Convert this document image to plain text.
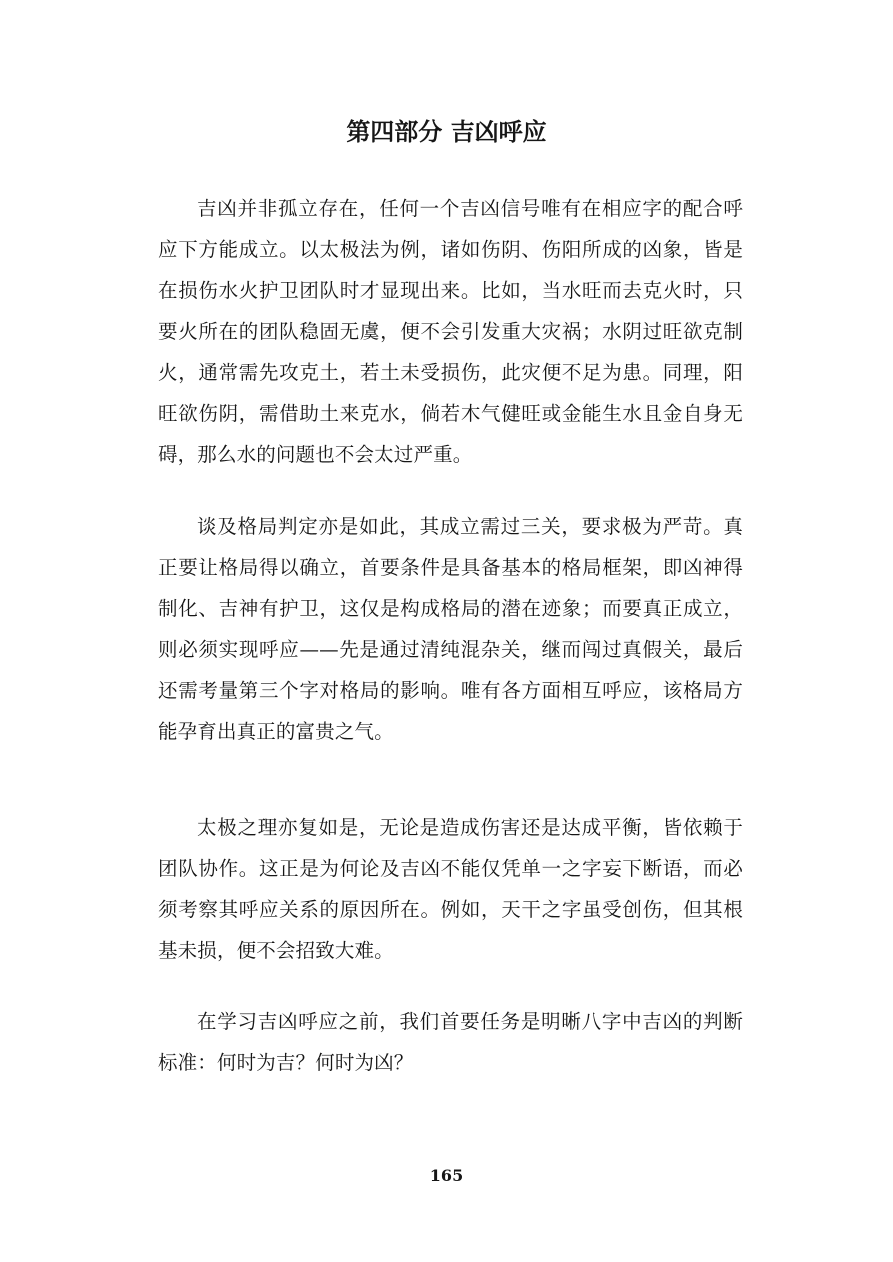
第四部分 吉凶呼应

吉凶并非孤立存在，任何一个吉凶信号唯有在相应字的配合呼应下方能成立。以太极法为例，诸如伤阴、伤阳所成的凶象，皆是在损伤水火护卫团队时才显现出来。比如，当水旺而去克火时，只要火所在的团队稳固无虞，便不会引发重大灾祸；水阴过旺欲克制火，通常需先攻克土，若土未受损伤，此灾便不足为患。同理，阳旺欲伤阴，需借助土来克水，倘若木气健旺或金能生水且金自身无碍，那么水的问题也不会太过严重。

谈及格局判定亦是如此，其成立需过三关，要求极为严苛。真正要让格局得以确立，首要条件是具备基本的格局框架，即凶神得制化、吉神有护卫，这仅是构成格局的潜在迹象；而要真正成立，则必须实现呼应——先是通过清纯混杂关，继而闯过真假关，最后还需考量第三个字对格局的影响。唯有各方面相互呼应，该格局方能孕育出真正的富贵之气。

太极之理亦复如是，无论是造成伤害还是达成平衡，皆依赖于团队协作。这正是为何论及吉凶不能仅凭单一之字妄下断语，而必须考察其呼应关系的原因所在。例如，天干之字虽受创伤，但其根基未损，便不会招致大难。

在学习吉凶呼应之前，我们首要任务是明晰八字中吉凶的判断标准：何时为吉？何时为凶？

165
